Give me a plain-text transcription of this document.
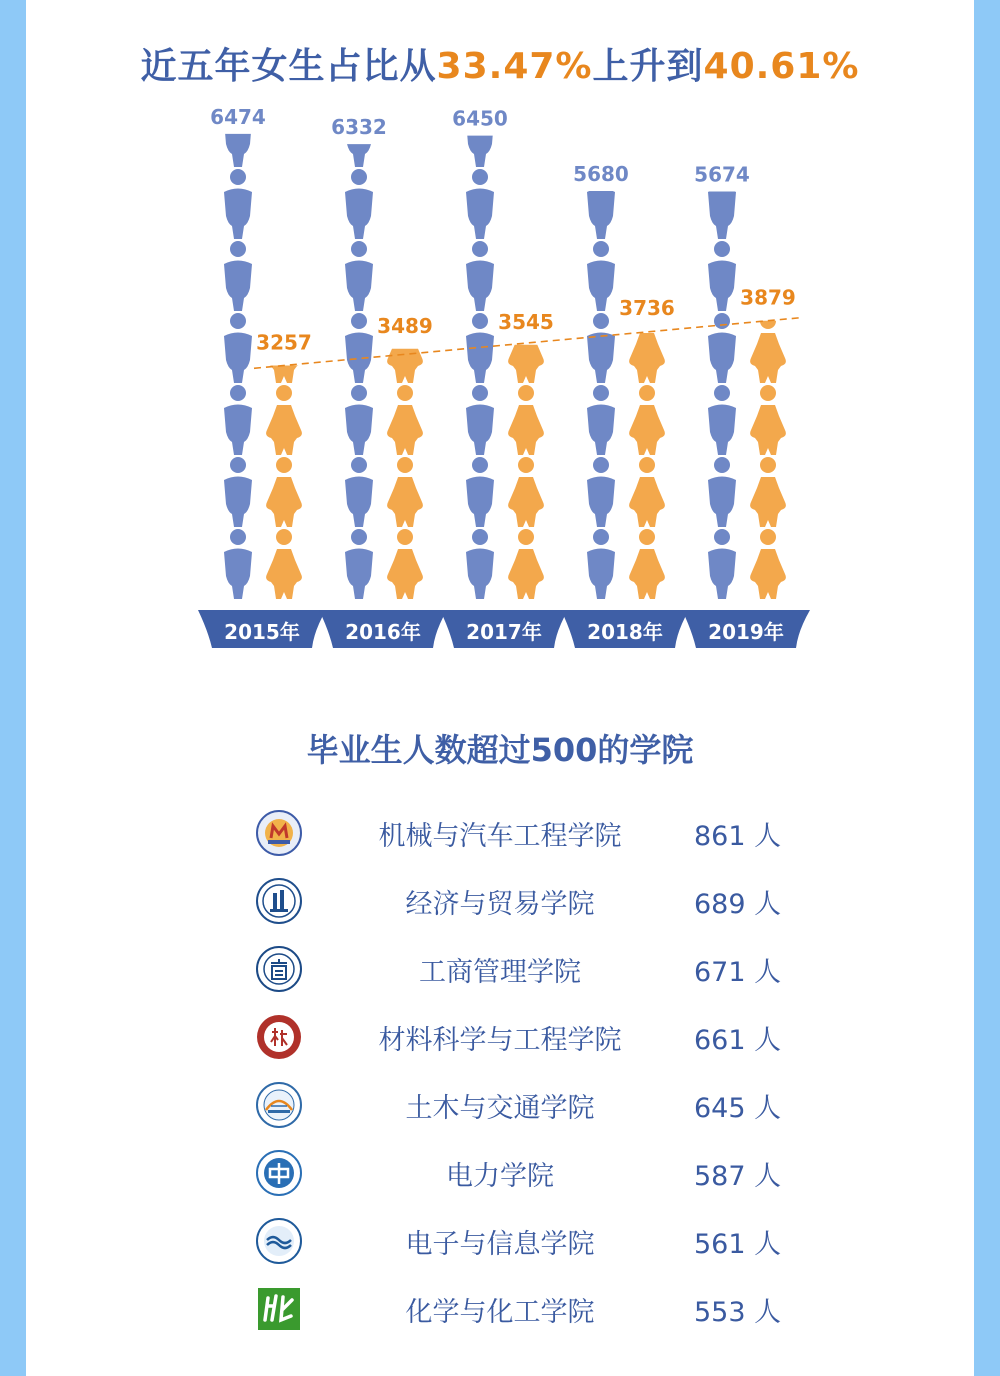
近五年女生占比从33.47%上升到40.61%
6474
3257
2015年
6332
3489
2016年
6450
3545
2017年
5680
3736
2018年
5674
3879
2019年
毕业生人数超过500的学院
机械与汽车工程学院	861 人
经济与贸易学院	689 人
工商管理学院	671 人
材料科学与工程学院	661 人
土木与交通学院	645 人
电力学院	587 人
电子与信息学院	561 人
化学与化工学院	553 人
